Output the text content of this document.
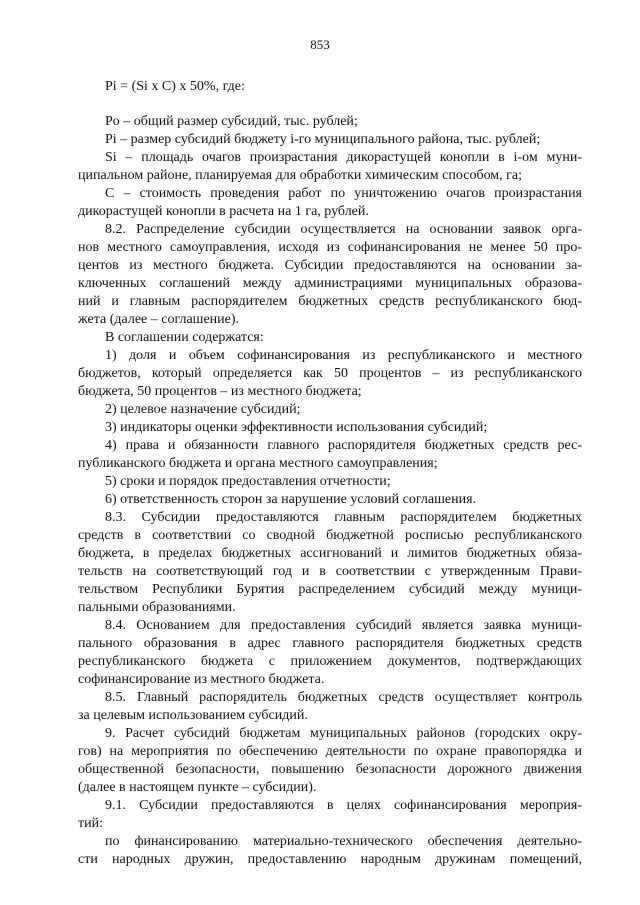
853

Pi = (Si x C) x 50%, где:

Pо – общий размер субсидий, тыс. рублей;
Pi – размер субсидий бюджету i-го муниципального района, тыс. рублей;
Si – площадь очагов произрастания дикорастущей конопли в i-ом муни-
ципальном районе, планируемая для обработки химическим способом, га;
C – стоимость проведения работ по уничтожению очагов произрастания
дикорастущей конопли в расчета на 1 га, рублей.
8.2. Распределение субсидии осуществляется на основании заявок орга-
нов местного самоуправления, исходя из софинансирования не менее 50 про-
центов из местного бюджета. Субсидии предоставляются на основании за-
ключенных соглашений между администрациями муниципальных образова-
ний и главным распорядителем бюджетных средств республиканского бюд-
жета (далее – соглашение).
В соглашении содержатся:
1) доля и объем софинансирования из республиканского и местного
бюджетов, который определяется как 50 процентов – из республиканского
бюджета, 50 процентов – из местного бюджета;
2) целевое назначение субсидий;
3) индикаторы оценки эффективности использования субсидий;
4) права и обязанности главного распорядителя бюджетных средств рес-
публиканского бюджета и органа местного самоуправления;
5) сроки и порядок предоставления отчетности;
6) ответственность сторон за нарушение условий соглашения.
8.3. Субсидии предоставляются главным распорядителем бюджетных
средств в соответствии со сводной бюджетной росписью республиканского
бюджета, в пределах бюджетных ассигнований и лимитов бюджетных обяза-
тельств на соответствующий год и в соответствии с утвержденным Прави-
тельством Республики Бурятия распределением субсидий между муници-
пальными образованиями.
8.4. Основанием для предоставления субсидий является заявка муници-
пального образования в адрес главного распорядителя бюджетных средств
республиканского бюджета с приложением документов, подтверждающих
софинансирование из местного бюджета.
8.5. Главный распорядитель бюджетных средств осуществляет контроль
за целевым использованием субсидий.
9. Расчет субсидий бюджетам муниципальных районов (городских окру-
гов) на мероприятия по обеспечению деятельности по охране правопорядка и
общественной безопасности, повышению безопасности дорожного движения
(далее в настоящем пункте – субсидии).
9.1. Субсидии предоставляются в целях софинансирования мероприя-
тий:
по финансированию материально-технического обеспечения деятельно-
сти народных дружин, предоставлению народным дружинам помещений,
